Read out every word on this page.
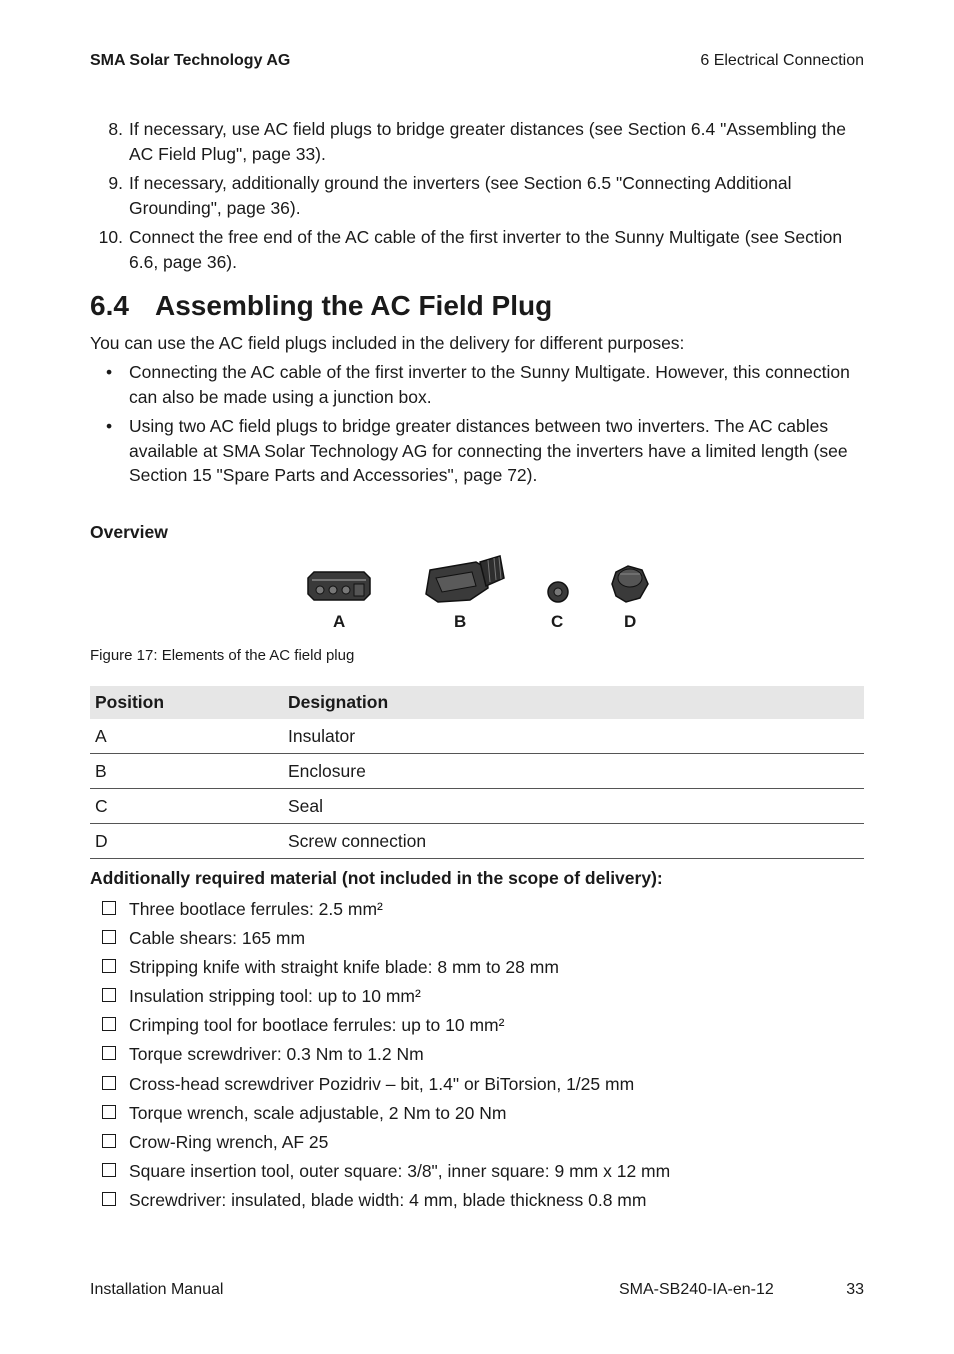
SMA Solar Technology AG	6 Electrical Connection
8. If necessary, use AC field plugs to bridge greater distances (see Section 6.4 "Assembling the AC Field Plug", page 33).
9. If necessary, additionally ground the inverters (see Section 6.5 "Connecting Additional Grounding", page 36).
10. Connect the free end of the AC cable of the first inverter to the Sunny Multigate (see Section 6.6, page 36).
6.4 Assembling the AC Field Plug
You can use the AC field plugs included in the delivery for different purposes:
• Connecting the AC cable of the first inverter to the Sunny Multigate. However, this connection can also be made using a junction box.
• Using two AC field plugs to bridge greater distances between two inverters. The AC cables available at SMA Solar Technology AG for connecting the inverters have a limited length (see Section 15 "Spare Parts and Accessories", page 72).
Overview
A	B	C	D
Figure 17: Elements of the AC field plug
Position	Designation
A	Insulator
B	Enclosure
C	Seal
D	Screw connection
Additionally required material (not included in the scope of delivery):
Three bootlace ferrules: 2.5 mm²
Cable shears: 165 mm
Stripping knife with straight knife blade: 8 mm to 28 mm
Insulation stripping tool: up to 10 mm²
Crimping tool for bootlace ferrules: up to 10 mm²
Torque screwdriver: 0.3 Nm to 1.2 Nm
Cross-head screwdriver Pozidriv – bit, 1.4" or BiTorsion, 1/25 mm
Torque wrench, scale adjustable, 2 Nm to 20 Nm
Crow-Ring wrench, AF 25
Square insertion tool, outer square: 3/8", inner square: 9 mm x 12 mm
Screwdriver: insulated, blade width: 4 mm, blade thickness 0.8 mm
Installation Manual	SMA-SB240-IA-en-12	33
